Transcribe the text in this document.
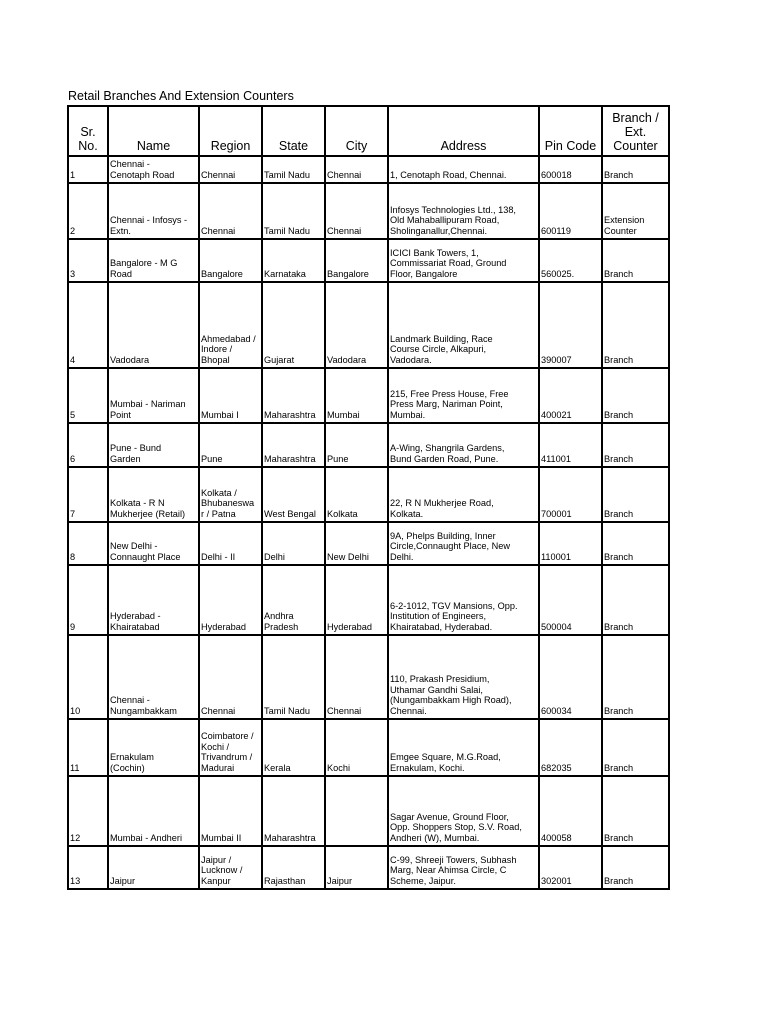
Retail Branches And Extension Counters
Sr.
No.	Name	Region	State	City	Address	Pin Code	Branch /
Ext.
Counter
1	Chennai -
Cenotaph Road	Chennai	Tamil Nadu	Chennai	1, Cenotaph Road, Chennai.	600018	Branch
2	Chennai - Infosys -
Extn.	Chennai	Tamil Nadu	Chennai	Infosys Technologies Ltd., 138,
Old Mahaballipuram Road,
Sholinganallur,Chennai.	600119	Extension
Counter
3	Bangalore - M G
Road	Bangalore	Karnataka	Bangalore	ICICI Bank Towers, 1,
Commissariat Road, Ground
Floor, Bangalore	560025.	Branch
4	Vadodara	Ahmedabad /
Indore /
Bhopal	Gujarat	Vadodara	Landmark Building, Race
Course Circle, Alkapuri,
Vadodara.	390007	Branch
5	Mumbai - Nariman
Point	Mumbai I	Maharashtra	Mumbai	215, Free Press House, Free
Press Marg, Nariman Point,
Mumbai.	400021	Branch
6	Pune - Bund
Garden	Pune	Maharashtra	Pune	A-Wing, Shangrila Gardens,
Bund Garden Road, Pune.	411001	Branch
7	Kolkata - R N
Mukherjee (Retail)	Kolkata /
Bhubaneswa
r / Patna	West Bengal	Kolkata	22, R N Mukherjee Road,
Kolkata.	700001	Branch
8	New Delhi -
Connaught Place	Delhi - II	Delhi	New Delhi	9A, Phelps Building, Inner
Circle,Connaught Place, New
Delhi.	110001	Branch
9	Hyderabad -
Khairatabad	Hyderabad	Andhra
Pradesh	Hyderabad	6-2-1012, TGV Mansions, Opp.
Institution of Engineers,
Khairatabad, Hyderabad.	500004	Branch
10	Chennai -
Nungambakkam	Chennai	Tamil Nadu	Chennai	110, Prakash Presidium,
Uthamar Gandhi Salai,
(Nungambakkam High Road),
Chennai.	600034	Branch
11	Ernakulam
(Cochin)	Coimbatore /
Kochi /
Trivandrum /
Madurai	Kerala	Kochi	Emgee Square, M.G.Road,
Ernakulam, Kochi.	682035	Branch
12	Mumbai - Andheri	Mumbai II	Maharashtra		Sagar Avenue, Ground Floor,
Opp. Shoppers Stop, S.V. Road,
Andheri (W), Mumbai.	400058	Branch
13	Jaipur	Jaipur /
Lucknow /
Kanpur	Rajasthan	Jaipur	C-99, Shreeji Towers, Subhash
Marg, Near Ahimsa Circle, C
Scheme, Jaipur.	302001	Branch
